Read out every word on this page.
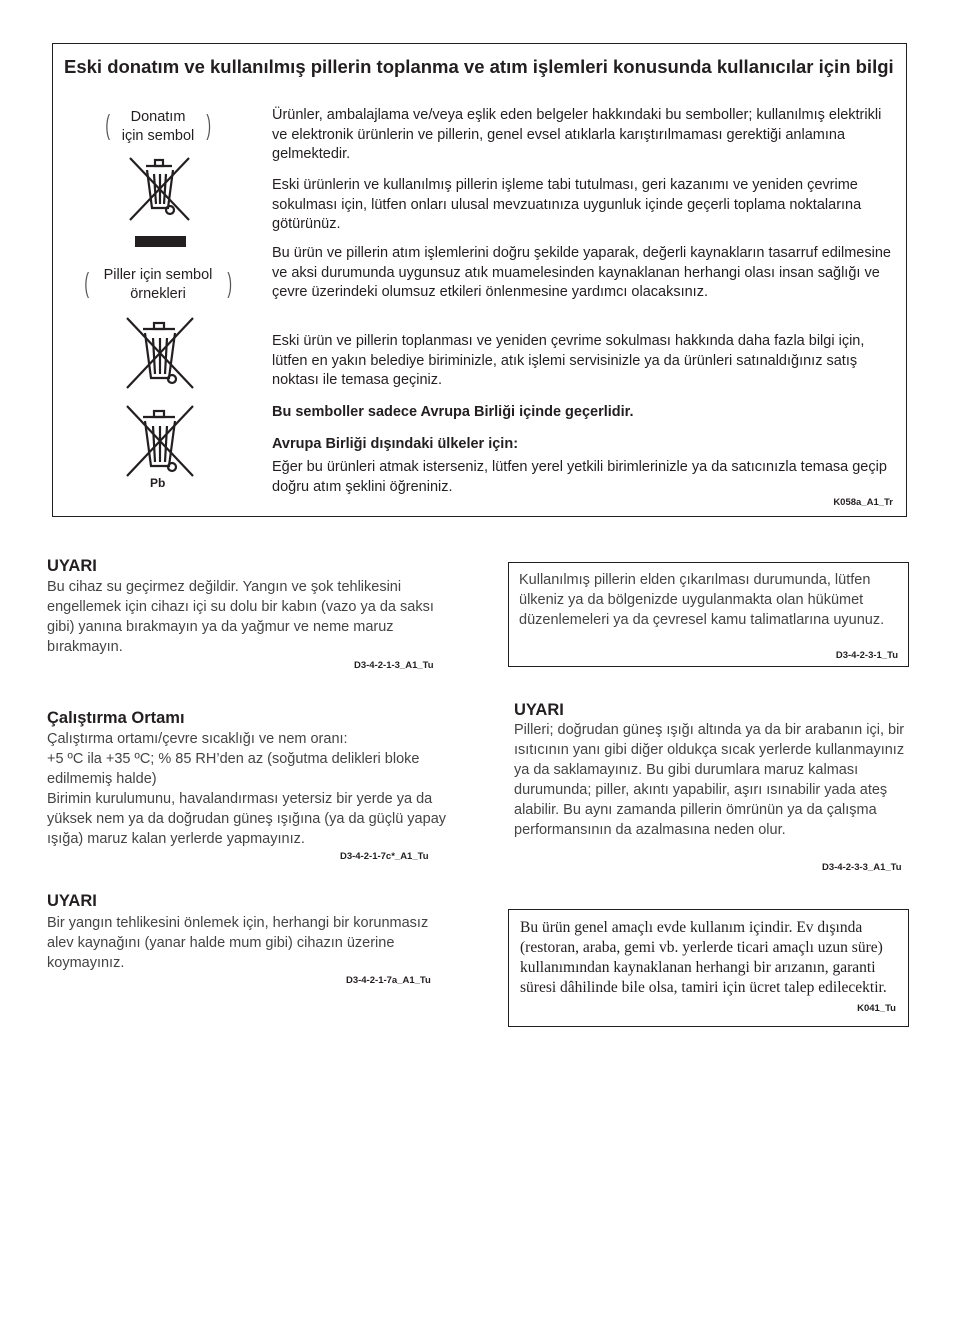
Eski donatım ve kullanılmış pillerin toplanma ve atım işlemleri konusunda kullanıcılar için bilgi
( Donatım
için sembol
)
( Piller için sembol
örnekleri
)
Pb

Ürünler, ambalajlama ve/veya eşlik eden belgeler hakkındaki bu semboller; kullanılmış elektrikli ve elektronik ürünlerin ve pillerin, genel evsel atıklarla karıştırılmaması gerektiği anlamına gelmektedir.

Eski ürünlerin ve kullanılmış pillerin işleme tabi tutulması, geri kazanımı ve yeniden çevrime sokulması için, lütfen onları ulusal mevzuatınıza uygunluk içinde geçerli toplama noktalarına götürünüz.

Bu ürün ve pillerin atım işlemlerini doğru şekilde yaparak, değerli kaynakların tasarruf edilmesine ve aksi durumunda uygunsuz atık muamelesinden kaynaklanan herhangi olası insan sağlığı ve çevre üzerindeki olumsuz etkileri önlenmesine yardımcı olacaksınız.

Eski ürün ve pillerin toplanması ve yeniden çevrime sokulması hakkında daha fazla bilgi için, lütfen en yakın belediye biriminizle, atık işlemi servisinizle ya da ürünleri satınaldığınız satış noktası ile temasa geçiniz.

Bu semboller sadece Avrupa Birliği içinde geçerlidir.

Avrupa Birliği dışındaki ülkeler için:

Eğer bu ürünleri atmak isterseniz, lütfen yerel yetkili birimlerinizle ya da satıcınızla temasa geçip doğru atım şeklini öğreniniz.

K058a_A1_Tr
UYARI

Bu cihaz su geçirmez değildir. Yangın ve şok tehlikesini engellemek için cihazı içi su dolu bir kabın (vazo ya da saksı gibi) yanına bırakmayın ya da yağmur ve neme maruz bırakmayın.

D3-4-2-1-3_A1_Tu
Çalıştırma Ortamı

Çalıştırma ortamı/çevre sıcaklığı ve nem oranı:

+5 ºC ila +35 ºC; % 85 RH’den az (soğutma delikleri bloke edilmemiş halde)

Birimin kurulumunu, havalandırması yetersiz bir yerde ya da yüksek nem ya da doğrudan güneş ışığına (ya da güçlü yapay ışığa) maruz kalan yerlerde yapmayınız.

D3-4-2-1-7c*_A1_Tu
UYARI

Bir yangın tehlikesini önlemek için, herhangi bir korunmasız alev kaynağını (yanar halde mum gibi) cihazın üzerine koymayınız.

D3-4-2-1-7a_A1_Tu

Kullanılmış pillerin elden çıkarılması durumunda, lütfen ülkeniz ya da bölgenizde uygulanmakta olan hükümet düzenlemeleri ya da çevresel kamu talimatlarına uyunuz.

D3-4-2-3-1_Tu
UYARI

Pilleri; doğrudan güneş ışığı altında ya da bir arabanın içi, bir ısıtıcının yanı gibi diğer oldukça sıcak yerlerde kullanmayınız ya da saklamayınız. Bu gibi durumlara maruz kalması durumunda; piller, akıntı yapabilir, aşırı ısınabilir yada ateş alabilir. Bu aynı zamanda pillerin ömrünün ya da çalışma performansının da azalmasına neden olur.

D3-4-2-3-3_A1_Tu

Bu ürün genel amaçlı evde kullanım içindir. Ev dışında (restoran, araba, gemi vb. yerlerde ticari amaçlı uzun süre) kullanımından kaynaklanan herhangi bir arızanın, garanti süresi dâhilinde bile olsa, tamiri için ücret talep edilecektir.

K041_Tu
